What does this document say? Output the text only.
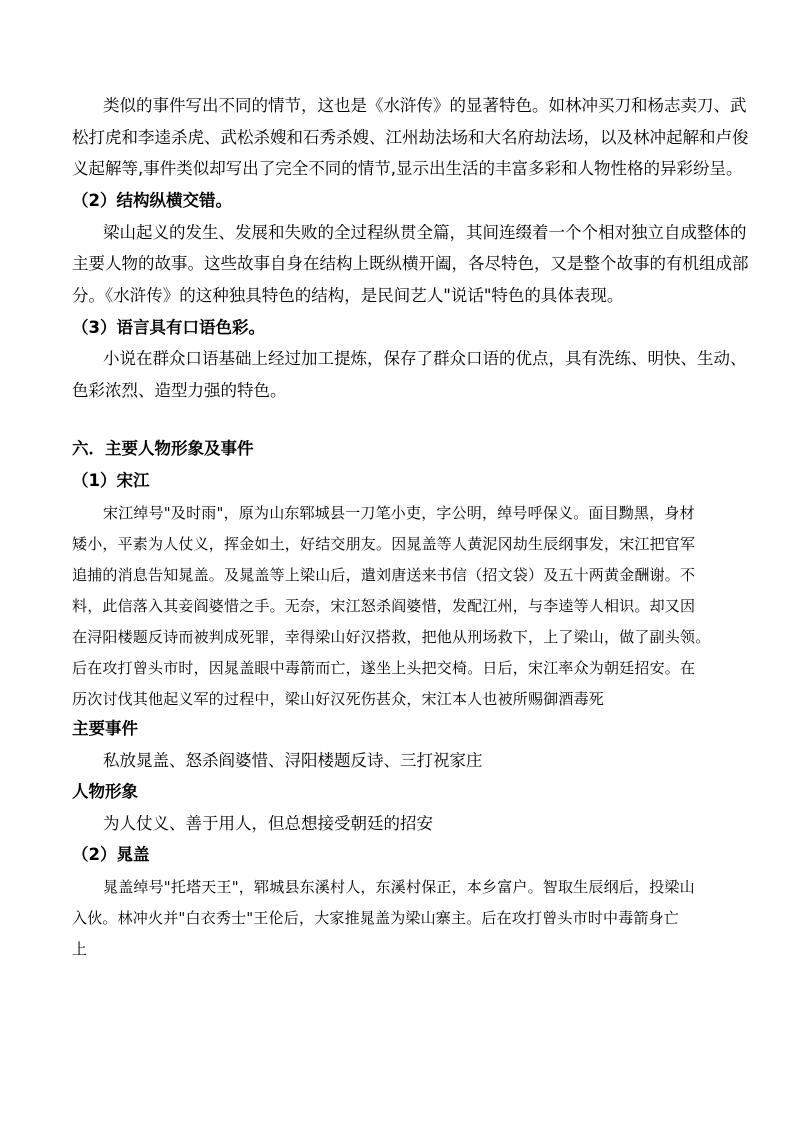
类似的事件写出不同的情节，这也是《水浒传》的显著特色。如林冲买刀和杨志卖刀、武
松打虎和李逵杀虎、武松杀嫂和石秀杀嫂、江州劫法场和大名府劫法场，以及林冲起解和卢俊
义起解等,事件类似却写出了完全不同的情节,显示出生活的丰富多彩和人物性格的异彩纷呈。
（2）结构纵横交错。
梁山起义的发生、发展和失败的全过程纵贯全篇，其间连缀着一个个相对独立自成整体的
主要人物的故事。这些故事自身在结构上既纵横开阖，各尽特色，又是整个故事的有机组成部
分。《水浒传》的这种独具特色的结构，是民间艺人"说话"特色的具体表现。
（3）语言具有口语色彩。
小说在群众口语基础上经过加工提炼，保存了群众口语的优点，具有洗练、明快、生动、
色彩浓烈、造型力强的特色。
六．主要人物形象及事件
（1）宋江
宋江绰号"及时雨"，原为山东郓城县一刀笔小吏，字公明，绰号呼保义。面目黝黑，身材
矮小，平素为人仗义，挥金如土，好结交朋友。因晁盖等人黄泥冈劫生辰纲事发，宋江把官军
追捕的消息告知晁盖。及晁盖等上梁山后，遣刘唐送来书信（招文袋）及五十两黄金酬谢。不
料，此信落入其妾阎婆惜之手。无奈，宋江怒杀阎婆惜，发配江州，与李逵等人相识。却又因
在浔阳楼题反诗而被判成死罪，幸得梁山好汉搭救，把他从刑场救下，上了梁山，做了副头领。
后在攻打曾头市时，因晁盖眼中毒箭而亡，遂坐上头把交椅。日后，宋江率众为朝廷招安。在
历次讨伐其他起义军的过程中，梁山好汉死伤甚众，宋江本人也被所赐御酒毒死
主要事件
私放晁盖、怒杀阎婆惜、浔阳楼题反诗、三打祝家庄
人物形象
为人仗义、善于用人，但总想接受朝廷的招安
（2）晁盖
晁盖绰号"托塔天王"，郓城县东溪村人，东溪村保正，本乡富户。智取生辰纲后，投梁山
入伙。林冲火并"白衣秀士"王伦后，大家推晁盖为梁山寨主。后在攻打曾头市时中毒箭身亡
上
